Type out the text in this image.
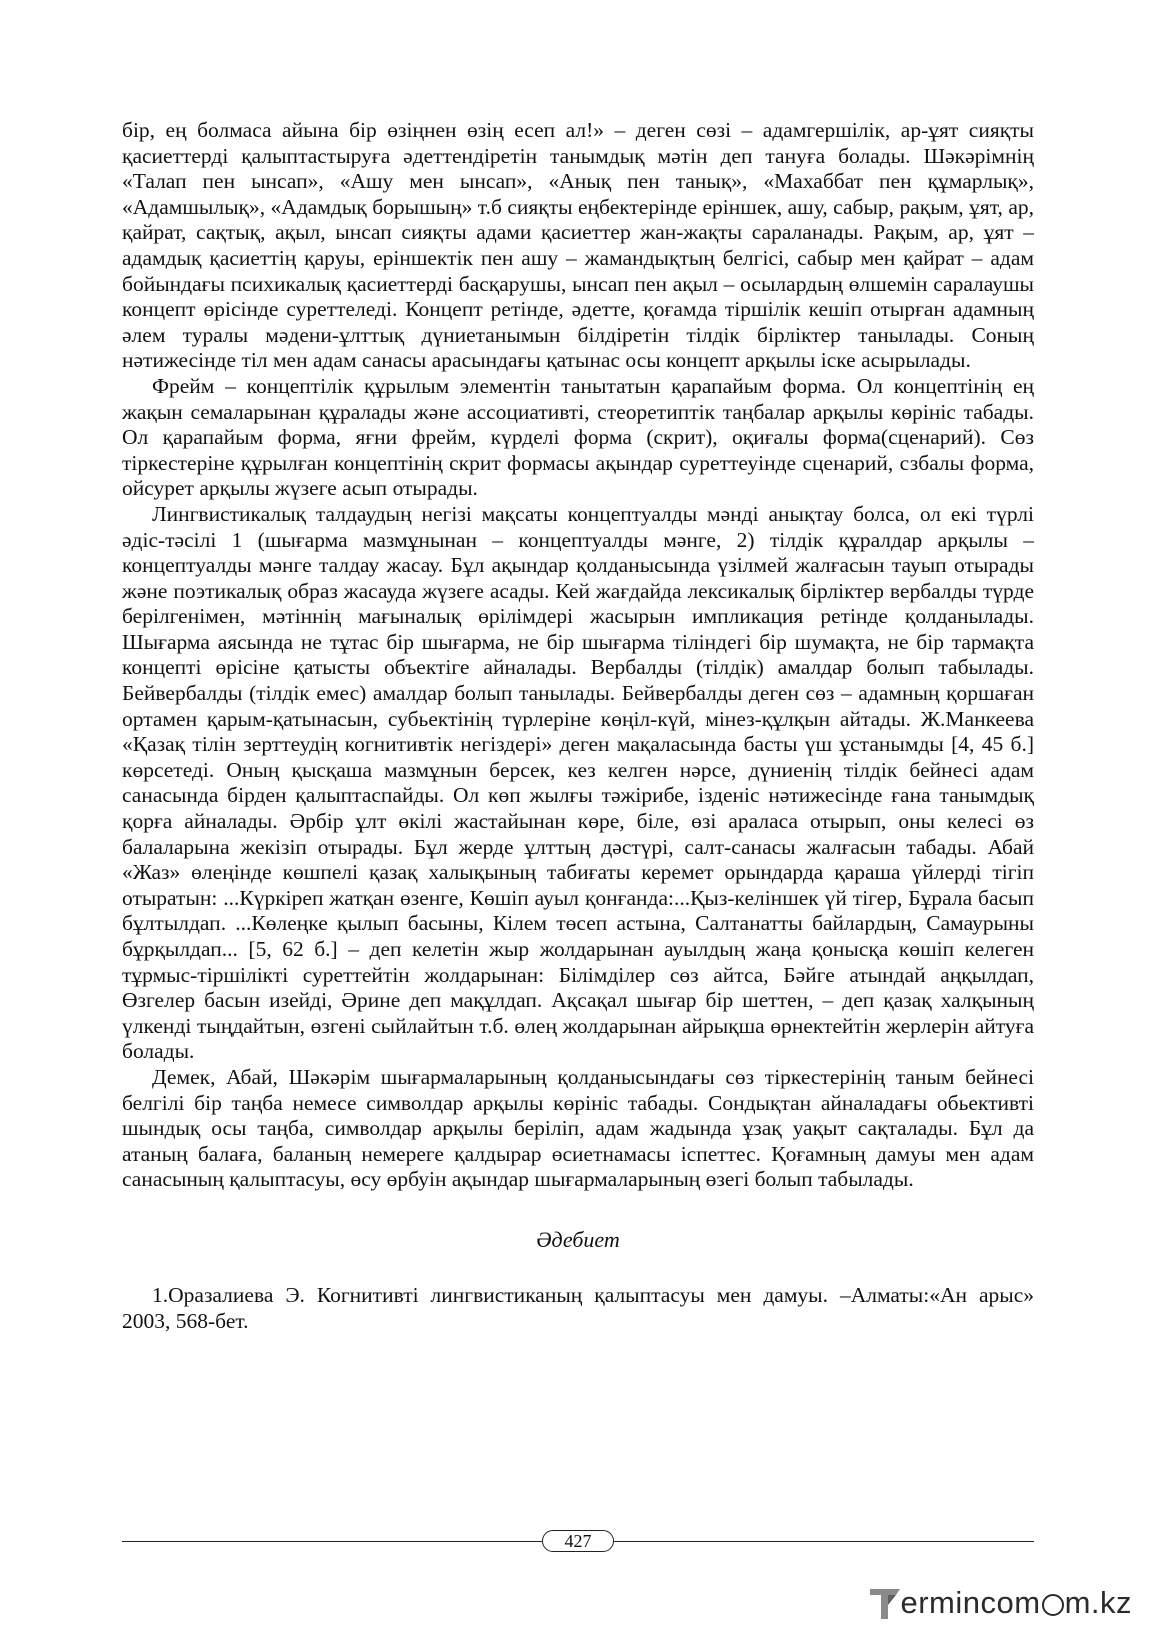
бір, ең болмаса айына бір өзіңнен өзің есеп ал!» – деген сөзі – адамгершілік, ар-ұят сияқты қасиеттерді қалыптастыруға әдеттендіретін танымдық мәтін деп тануға болады. Шәкәрімнің «Талап пен ынсап», «Ашу мен ынсап», «Анық пен танық», «Махаббат пен құмарлық», «Адамшылық», «Адамдық борышың» т.б сияқты еңбектерінде еріншек, ашу, сабыр, рақым, ұят, ар, қайрат, сақтық, ақыл, ынсап сияқты адами қасиеттер жан-жақты сараланады. Рақым, ар, ұят – адамдық қасиеттің қаруы, еріншектік пен ашу – жамандықтың белгісі, сабыр мен қайрат – адам бойындағы психикалық қасиеттерді басқарушы, ынсап пен ақыл – осылардың өлшемін саралаушы концепт өрісінде суреттеледі. Концепт ретінде, әдетте, қоғамда тіршілік кешіп отырған адамның әлем туралы мәдени-ұлттық дүниетанымын білдіретін тілдік бірліктер танылады. Соның нәтижесінде тіл мен адам санасы арасындағы қатынас осы концепт арқылы іске асырылады.

Фрейм – концептілік құрылым элементін танытатын қарапайым форма. Ол концептінің ең жақын семаларынан құралады және ассоциативті, стеоретиптік таңбалар арқылы көрініс табады. Ол қарапайым форма, яғни фрейм, күрделі форма (скрит), оқиғалы форма(сценарий). Сөз тіркестеріне құрылған концептінің скрит формасы ақындар суреттеуінде сценарий, сзбалы форма, ойсурет арқылы жүзеге асып отырады.

Лингвистикалық талдаудың негізі мақсаты концептуалды мәнді анықтау болса, ол екі түрлі әдіс-тәсілі 1 (шығарма мазмұнынан – концептуалды мәнге, 2) тілдік құралдар арқылы – концептуалды мәнге талдау жасау. Бұл ақындар қолданысында үзілмей жалғасын тауып отырады және поэтикалық образ жасауда жүзеге асады. Кей жағдайда лексикалық бірліктер вербалды түрде берілгенімен, мәтіннің мағыналық өрілімдері жасырын импликация ретінде қолданылады. Шығарма аясында не тұтас бір шығарма, не бір шығарма тіліндегі бір шумақта, не бір тармақта концепті өрісіне қатысты объектіге айналады. Вербалды (тілдік) амалдар болып табылады. Бейвербалды (тілдік емес) амалдар болып танылады. Бейвербалды деген сөз – адамның қоршаған ортамен қарым-қатынасын, субьектінің түрлеріне көңіл-күй, мінез-құлқын айтады. Ж.Манкеева «Қазақ тілін зерттеудің когнитивтік негіздері» деген мақаласында басты үш ұстанымды [4, 45 б.] көрсетеді. Оның қысқаша мазмұнын берсек, кез келген нәрсе, дүниенің тілдік бейнесі адам санасында бірден қалыптаспайды. Ол көп жылғы тәжірибе, ізденіс нәтижесінде ғана танымдық қорға айналады. Әрбір ұлт өкілі жастайынан көре, біле, өзі араласа отырып, оны келесі өз балаларына жекізіп отырады. Бұл жерде ұлттың дәстүрі, салт-санасы жалғасын табады. Абай «Жаз» өлеңінде көшпелі қазақ халықының табиғаты керемет орындарда қараша үйлерді тігіп отыратын: ...Күркіреп жатқан өзенге, Көшіп ауыл қонғанда:...Қыз-келіншек үй тігер, Бұрала басып бұлтылдап. ...Көлеңке қылып басыны, Кілем төсеп астына, Салтанатты байлардың, Самаурыны бұрқылдап... [5, 62 б.] – деп келетін жыр жолдарынан ауылдың жаңа қонысқа көшіп келеген тұрмыс-тіршілікті суреттейтін жолдарынан: Білімділер сөз айтса, Бәйге атындай аңқылдап, Өзгелер басын изейді, Әрине деп мақұлдап. Ақсақал шығар бір шеттен, – деп қазақ халқының үлкенді тыңдайтын, өзгені сыйлайтын т.б. өлең жолдарынан айрықша өрнектейтін жерлерін айтуға болады.

Демек, Абай, Шәкәрім шығармаларының қолданысындағы сөз тіркестерінің таным бейнесі белгілі бір таңба немесе символдар арқылы көрініс табады. Сондықтан айналадағы обьективті шындық осы таңба, символдар арқылы беріліп, адам жадында ұзақ уақыт сақталады. Бұл да атаның балаға, баланың немереге қалдырар өсиетнамасы іспеттес. Қоғамның дамуы мен адам санасының қалыптасуы, өсу өрбуін ақындар шығармаларының өзегі болып табылады.

Әдебиет

1.Оразалиева Э. Когнитивті лингвистиканың қалыптасуы мен дамуы. –Алматы:«Ан арыс» 2003, 568-бет.

427
ermincom m.kz
